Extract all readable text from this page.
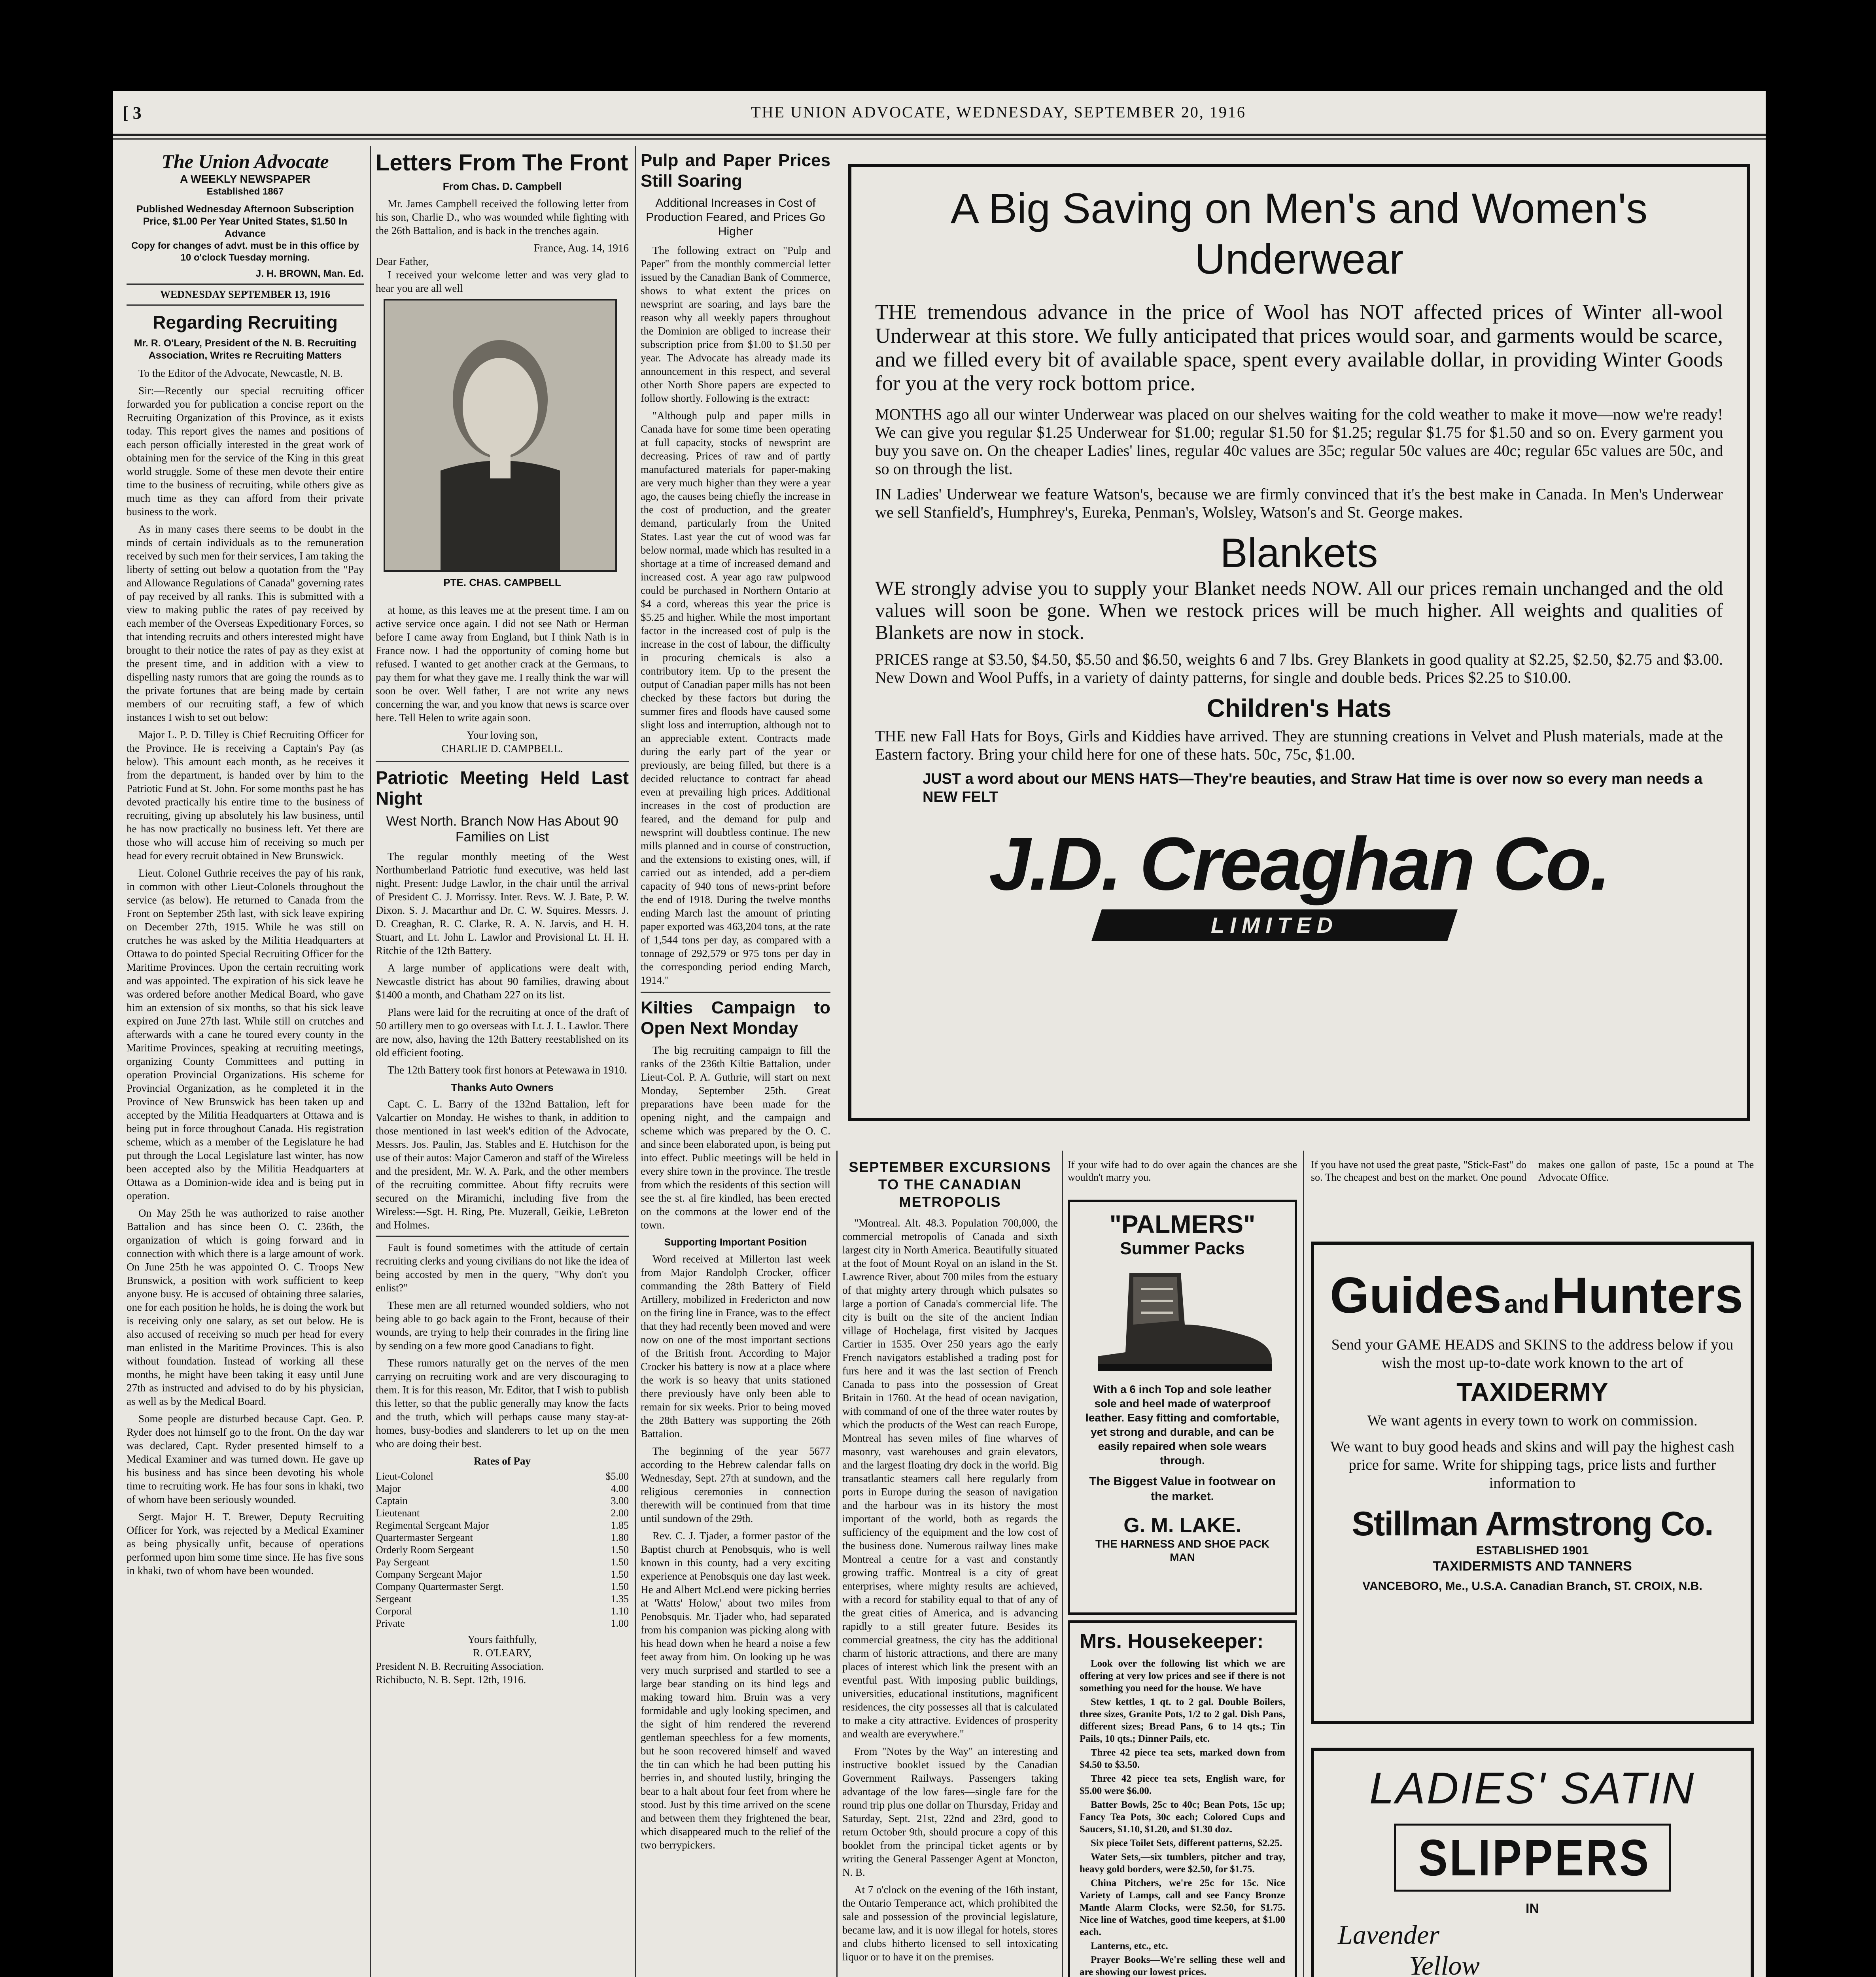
[ 3	THE UNION ADVOCATE, WEDNESDAY, SEPTEMBER 20, 1916
The Union Advocate
A WEEKLY NEWSPAPER
Established 1867
Published Wednesday Afternoon Subscription Price, $1.00 Per Year United States, $1.50 In Advance
Copy for changes of advt. must be in this office by 10 o'clock Tuesday morning.
J. H. BROWN, Man. Ed.
WEDNESDAY SEPTEMBER 13, 1916
Regarding Recruiting
Mr. R. O'Leary, President of the N. B. Recruiting Association, Writes re Recruiting Matters
To the Editor of the Advocate, Newcastle, N. B.
Sir:—Recently our special recruiting officer forwarded you for publication a concise report on the Recruiting Organization of this Province, as it exists today. This report gives the names and positions of each person officially interested in the great work of obtaining men for the service of the King in this great world struggle. Some of these men devote their entire time to the business of recruiting, while others give as much time as they can afford from their private business to the work.
As in many cases there seems to be doubt in the minds of certain individuals as to the remuneration received by such men for their services, I am taking the liberty of setting out below a quotation from the "Pay and Allowance Regulations of Canada" governing rates of pay received by all ranks. This is submitted with a view to making public the rates of pay received by each member of the Overseas Expeditionary Forces, so that intending recruits and others interested might have brought to their notice the rates of pay as they exist at the present time, and in addition with a view to dispelling nasty rumors that are going the rounds as to the private fortunes that are being made by certain members of our recruiting staff, a few of which instances I wish to set out below:
Major L. P. D. Tilley is Chief Recruiting Officer for the Province. He is receiving a Captain's Pay (as below). This amount each month, as he receives it from the department, is handed over by him to the Patriotic Fund at St. John. For some months past he has devoted practically his entire time to the business of recruiting, giving up absolutely his law business, until he has now practically no business left. Yet there are those who will accuse him of receiving so much per head for every recruit obtained in New Brunswick.
Lieut. Colonel Guthrie receives the pay of his rank, in common with other Lieut-Colonels throughout the service (as below). He returned to Canada from the Front on September 25th last, with sick leave expiring on December 27th, 1915. While he was still on crutches he was asked by the Militia Headquarters at Ottawa to do pointed Special Recruiting Officer for the Maritime Provinces. Upon the certain recruiting work and was appointed. The expiration of his sick leave he was ordered before another Medical Board, who gave him an extension of six months, so that his sick leave expired on June 27th last. While still on crutches and afterwards with a cane he toured every county in the Maritime Provinces, speaking at recruiting meetings, organizing County Committees and putting in operation Provincial Organizations. His scheme for Provincial Organization, as he completed it in the Province of New Brunswick has been taken up and accepted by the Militia Headquarters at Ottawa and is being put in force throughout Canada. His registration scheme, which as a member of the Legislature he had put through the Local Legislature last winter, has now been accepted also by the Militia Headquarters at Ottawa as a Dominion-wide idea and is being put in operation.
On May 25th he was authorized to raise another Battalion and has since been O. C. 236th, the organization of which is going forward and in connection with which there is a large amount of work. On June 25th he was appointed O. C. Troops New Brunswick, a position with work sufficient to keep anyone busy. He is accused of obtaining three salaries, one for each position he holds, he is doing the work but is receiving only one salary, as set out below. He is also accused of receiving so much per head for every man enlisted in the Maritime Provinces. This is also without foundation. Instead of working all these months, he might have been taking it easy until June 27th as instructed and advised to do by his physician, as well as by the Medical Board.
Some people are disturbed because Capt. Geo. P. Ryder does not himself go to the front. On the day war was declared, Capt. Ryder presented himself to a Medical Examiner and was turned down. He gave up his business and has since been devoting his whole time to recruiting work. He has four sons in khaki, two of whom have been seriously wounded.
Sergt. Major H. T. Brewer, Deputy Recruiting Officer for York, was rejected by a Medical Examiner as being physically unfit, because of operations performed upon him some time since. He has five sons in khaki, two of whom have been wounded.
Letters From The Front
From Chas. D. Campbell
Mr. James Campbell received the following letter from his son, Charlie D., who was wounded while fighting with the 26th Battalion, and is back in the trenches again.
France, Aug. 14, 1916
Dear Father,
I received your welcome letter and was very glad to hear you are all well
PTE. CHAS. CAMPBELL
at home, as this leaves me at the present time. I am on active service once again. I did not see Nath or Herman before I came away from England, but I think Nath is in France now. I had the opportunity of coming home but refused. I wanted to get another crack at the Germans, to pay them for what they gave me. I really think the war will soon be over. Well father, I are not write any news concerning the war, and you know that news is scarce over here. Tell Helen to write again soon.
Your loving son,
CHARLIE D. CAMPBELL.
Patriotic Meeting Held Last Night
West North. Branch Now Has About 90 Families on List
The regular monthly meeting of the West Northumberland Patriotic fund executive, was held last night. Present: Judge Lawlor, in the chair until the arrival of President C. J. Morrissy. Inter. Revs. W. J. Bate, P. W. Dixon. S. J. Macarthur and Dr. C. W. Squires. Messrs. J. D. Creaghan, R. C. Clarke, R. A. N. Jarvis, and H. H. Stuart, and Lt. John L. Lawlor and Provisional Lt. H. H. Ritchie of the 12th Battery.
A large number of applications were dealt with, Newcastle district has about 90 families, drawing about $1400 a month, and Chatham 227 on its list.
Plans were laid for the recruiting at once of the draft of 50 artillery men to go overseas with Lt. J. L. Lawlor. There are now, also, having the 12th Battery reestablished on its old efficient footing.
The 12th Battery took first honors at Petewawa in 1910.
Thanks Auto Owners
Capt. C. L. Barry of the 132nd Battalion, left for Valcartier on Monday. He wishes to thank, in addition to those mentioned in last week's edition of the Advocate, Messrs. Jos. Paulin, Jas. Stables and E. Hutchison for the use of their autos: Major Cameron and staff of the Wireless and the president, Mr. W. A. Park, and the other members of the recruiting committee. About fifty recruits were secured on the Miramichi, including five from the Wireless:—Sgt. H. Ring, Pte. Muzerall, Geikie, LeBreton and Holmes.
Fault is found sometimes with the attitude of certain recruiting clerks and young civilians do not like the idea of being accosted by men in the query, "Why don't you enlist?"
These men are all returned wounded soldiers, who not being able to go back again to the Front, because of their wounds, are trying to help their comrades in the firing line by sending on a few more good Canadians to fight.
These rumors naturally get on the nerves of the men carrying on recruiting work and are very discouraging to them. It is for this reason, Mr. Editor, that I wish to publish this letter, so that the public generally may know the facts and the truth, which will perhaps cause many stay-at-homes, busy-bodies and slanderers to let up on the men who are doing their best.
Rates of Pay
Lieut-Colonel	$5.00
Major	4.00
Captain	3.00
Lieutenant	2.00
Regimental Sergeant Major	1.85
Quartermaster Sergeant	1.80
Orderly Room Sergeant	1.50
Pay Sergeant	1.50
Company Sergeant Major	1.50
Company Quartermaster Sergt.	1.50
Sergeant	1.35
Corporal	1.10
Private	1.00
Yours faithfully,
R. O'LEARY,
President N. B. Recruiting Association.
Richibucto, N. B. Sept. 12th, 1916.
Pulp and Paper Prices Still Soaring
Additional Increases in Cost of Production Feared, and Prices Go Higher
The following extract on "Pulp and Paper" from the monthly commercial letter issued by the Canadian Bank of Commerce, shows to what extent the prices on newsprint are soaring, and lays bare the reason why all weekly papers throughout the Dominion are obliged to increase their subscription price from $1.00 to $1.50 per year. The Advocate has already made its announcement in this respect, and several other North Shore papers are expected to follow shortly. Following is the extract:
"Although pulp and paper mills in Canada have for some time been operating at full capacity, stocks of newsprint are decreasing. Prices of raw and of partly manufactured materials for paper-making are very much higher than they were a year ago, the causes being chiefly the increase in the cost of production, and the greater demand, particularly from the United States. Last year the cut of wood was far below normal, made which has resulted in a shortage at a time of increased demand and increased cost. A year ago raw pulpwood could be purchased in Northern Ontario at $4 a cord, whereas this year the price is $5.25 and higher. While the most important factor in the increased cost of pulp is the increase in the cost of labour, the difficulty in procuring chemicals is also a contributory item. Up to the present the output of Canadian paper mills has not been checked by these factors but during the summer fires and floods have caused some slight loss and interruption, although not to an appreciable extent. Contracts made during the early part of the year or previously, are being filled, but there is a decided reluctance to contract far ahead even at prevailing high prices. Additional increases in the cost of production are feared, and the demand for pulp and newsprint will doubtless continue. The new mills planned and in course of construction, and the extensions to existing ones, will, if carried out as intended, add a per-diem capacity of 940 tons of news-print before the end of 1918. During the twelve months ending March last the amount of printing paper exported was 463,204 tons, at the rate of 1,544 tons per day, as compared with a tonnage of 292,579 or 975 tons per day in the corresponding period ending March, 1914."
Kilties Campaign to Open Next Monday
The big recruiting campaign to fill the ranks of the 236th Kiltie Battalion, under Lieut-Col. P. A. Guthrie, will start on next Monday, September 25th. Great preparations have been made for the opening night, and the campaign and scheme which was prepared by the O. C. and since been elaborated upon, is being put into effect. Public meetings will be held in every shire town in the province. The trestle from which the residents of this section will see the st. al fire kindled, has been erected on the commons at the lower end of the town.
Supporting Important Position
Word received at Millerton last week from Major Randolph Crocker, officer commanding the 28th Battery of Field Artillery, mobilized in Fredericton and now on the firing line in France, was to the effect that they had recently been moved and were now on one of the most important sections of the British front. According to Major Crocker his battery is now at a place where the work is so heavy that units stationed there previously have only been able to remain for six weeks. Prior to being moved the 28th Battery was supporting the 26th Battalion.
The beginning of the year 5677 according to the Hebrew calendar falls on Wednesday, Sept. 27th at sundown, and the religious ceremonies in connection therewith will be continued from that time until sundown of the 29th.
Rev. C. J. Tjader, a former pastor of the Baptist church at Penobsquis, who is well known in this county, had a very exciting experience at Penobsquis one day last week. He and Albert McLeod were picking berries at 'Watts' Holow,' about two miles from Penobsquis. Mr. Tjader who, had separated from his companion was picking along with his head down when he heard a noise a few feet away from him. On looking up he was very much surprised and startled to see a large bear standing on its hind legs and making toward him. Bruin was a very formidable and ugly looking specimen, and the sight of him rendered the reverend gentleman speechless for a few moments, but he soon recovered himself and waved the tin can which he had been putting his berries in, and shouted lustily, bringing the bear to a halt about four feet from where he stood. Just by this time arrived on the scene and between them they frightened the bear, which disappeared much to the relief of the two berrypickers.
A Big Saving on Men's and Women's Underwear
THE tremendous advance in the price of Wool has NOT affected prices of Winter all-wool Underwear at this store. We fully anticipated that prices would soar, and garments would be scarce, and we filled every bit of available space, spent every available dollar, in providing Winter Goods for you at the very rock bottom price.
MONTHS ago all our winter Underwear was placed on our shelves waiting for the cold weather to make it move—now we're ready! We can give you regular $1.25 Underwear for $1.00; regular $1.50 for $1.25; regular $1.75 for $1.50 and so on. Every garment you buy you save on. On the cheaper Ladies' lines, regular 40c values are 35c; regular 50c values are 40c; regular 65c values are 50c, and so on through the list.
IN Ladies' Underwear we feature Watson's, because we are firmly convinced that it's the best make in Canada. In Men's Underwear we sell Stanfield's, Humphrey's, Eureka, Penman's, Wolsley, Watson's and St. George makes.
Blankets
WE strongly advise you to supply your Blanket needs NOW. All our prices remain unchanged and the old values will soon be gone. When we restock prices will be much higher. All weights and qualities of Blankets are now in stock.
PRICES range at $3.50, $4.50, $5.50 and $6.50, weights 6 and 7 lbs. Grey Blankets in good quality at $2.25, $2.50, $2.75 and $3.00. New Down and Wool Puffs, in a variety of dainty patterns, for single and double beds. Prices $2.25 to $10.00.
Children's Hats
THE new Fall Hats for Boys, Girls and Kiddies have arrived. They are stunning creations in Velvet and Plush materials, made at the Eastern factory. Bring your child here for one of these hats. 50c, 75c, $1.00.
JUST a word about our MENS HATS—They're beauties, and Straw Hat time is over now so every man needs a NEW FELT
J.D. Creaghan Co.
LIMITED
SEPTEMBER EXCURSIONS TO THE CANADIAN METROPOLIS
"Montreal. Alt. 48.3. Population 700,000, the commercial metropolis of Canada and sixth largest city in North America. Beautifully situated at the foot of Mount Royal on an island in the St. Lawrence River, about 700 miles from the estuary of that mighty artery through which pulsates so large a portion of Canada's commercial life. The city is built on the site of the ancient Indian village of Hochelaga, first visited by Jacques Cartier in 1535. Over 250 years ago the early French navigators established a trading post for furs here and it was the last section of French Canada to pass into the possession of Great Britain in 1760. At the head of ocean navigation, with command of one of the three water routes by which the products of the West can reach Europe, Montreal has seven miles of fine wharves of masonry, vast warehouses and grain elevators, and the largest floating dry dock in the world. Big transatlantic steamers call here regularly from ports in Europe during the season of navigation and the harbour was in its history the most important of the world, both as regards the sufficiency of the equipment and the low cost of the business done. Numerous railway lines make Montreal a centre for a vast and constantly growing traffic. Montreal is a city of great enterprises, where mighty results are achieved, with a record for stability equal to that of any of the great cities of America, and is advancing rapidly to a still greater future. Besides its commercial greatness, the city has the additional charm of historic attractions, and there are many places of interest which link the present with an eventful past. With imposing public buildings, universities, educational institutions, magnificent residences, the city possesses all that is calculated to make a city attractive. Evidences of prosperity and wealth are everywhere."
From "Notes by the Way" an interesting and instructive booklet issued by the Canadian Government Railways. Passengers taking advantage of the low fares—single fare for the round trip plus one dollar on Thursday, Friday and Saturday, Sept. 21st, 22nd and 23rd, good to return October 9th, should procure a copy of this booklet from the principal ticket agents or by writing the General Passenger Agent at Moncton, N. B.
At 7 o'clock on the evening of the 16th instant, the Ontario Temperance act, which prohibited the sale and possession of the provincial legislature, became law, and it is now illegal for hotels, stores and clubs hitherto licensed to sell intoxicating liquor or to have it on the premises.
If your wife had to do over again the chances are she wouldn't marry you.
"PALMERS"
Summer Packs
With a 6 inch Top and sole leather sole and heel made of waterproof leather. Easy fitting and comfortable, yet strong and durable, and can be easily repaired when sole wears through.
The Biggest Value in footwear on the market.
G. M. LAKE.
THE HARNESS AND SHOE PACK MAN
Mrs. Housekeeper:
Look over the following list which we are offering at very low prices and see if there is not something you need for the house. We have
Stew kettles, 1 qt. to 2 gal. Double Boilers, three sizes, Granite Pots, 1/2 to 2 gal. Dish Pans, different sizes; Bread Pans, 6 to 14 qts.; Tin Pails, 10 qts.; Dinner Pails, etc.
Three 42 piece tea sets, marked down from $4.50 to $3.50.
Three 42 piece tea sets, English ware, for $5.00 were $6.00.
Batter Bowls, 25c to 40c; Bean Pots, 15c up; Fancy Tea Pots, 30c each; Colored Cups and Saucers, $1.10, $1.20, and $1.30 doz.
Six piece Toilet Sets, different patterns, $2.25.
Water Sets,—six tumblers, pitcher and tray, heavy gold borders, were $2.50, for $1.75.
China Pitchers, we're 25c for 15c. Nice Variety of Lamps, call and see Fancy Bronze Mantle Alarm Clocks, were $2.50, for $1.75. Nice line of Watches, good time keepers, at $1.00 each.
Lanterns, etc., etc.
Prayer Books—We're selling these well and are showing our lowest prices.
If you have not used the great paste, "Stick-Fast" do so. The cheapest and best on the market. One pound makes one gallon of paste, 15c a pound at The Advocate Office.
Guides and Hunters
Send your GAME HEADS and SKINS to the address below if you wish the most up-to-date work known to the art of
TAXIDERMY
We want agents in every town to work on commission.
We want to buy good heads and skins and will pay the highest cash price for same. Write for shipping tags, price lists and further information to
Stillman Armstrong Co.
ESTABLISHED 1901
TAXIDERMISTS AND TANNERS
VANCEBORO, Me., U.S.A. Canadian Branch, ST. CROIX, N.B.
LADIES' SATIN
SLIPPERS
IN
Lavender
Yellow
